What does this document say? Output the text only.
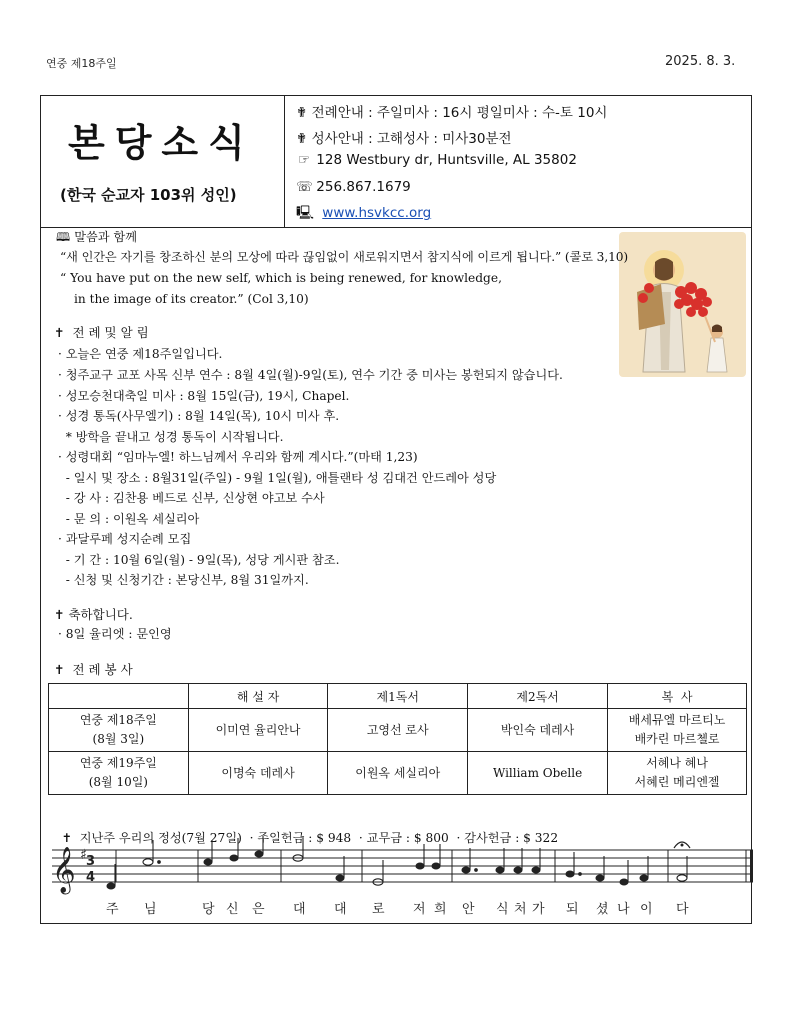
연중 제18주일	2025. 8. 3.
본당소식
(한국 순교자 103위 성인)
✟ 전례안내 : 주일미사 : 16시 평일미사 : 수-토 10시
✟ 성사안내 : 고해성사 : 미사30분전
☞ 128 Westbury dr, Huntsville, AL 35802
☏ 256.867.1679
🖳 www.hsvkcc.org
🕮 말씀과 함께
“새 인간은 자기를 창조하신 분의 모상에 따라 끊임없이 새로워지면서 참지식에 이르게 됩니다.” (콜로 3,10)
“ You have put on the new self, which is being renewed, for knowledge,
in the image of its creator.” (Col 3,10)
✝ 전 례 및 알 림
· 오늘은 연중 제18주일입니다.
· 청주교구 교포 사목 신부 연수 : 8월 4일(월)-9일(토), 연수 기간 중 미사는 봉헌되지 않습니다.
· 성모승천대축일 미사 : 8월 15일(금), 19시, Chapel.
· 성경 통독(사무엘기) : 8월 14일(목), 10시 미사 후.
* 방학을 끝내고 성경 통독이 시작됩니다.
· 성령대회 “임마누엘! 하느님께서 우리와 함께 계시다.”(마태 1,23)
- 일시 및 장소 : 8월31일(주일) - 9월 1일(월), 애틀랜타 성 김대건 안드레아 성당
- 강 사 : 김찬용 베드로 신부, 신상현 야고보 수사
- 문 의 : 이원옥 세실리아
· 과달루페 성지순례 모집
- 기 간 : 10월 6일(월) - 9일(목), 성당 게시판 참조.
- 신청 및 신청기간 : 본당신부, 8월 31일까지.
✝ 축하합니다.
· 8일 율리엣 : 문인영
✝ 전 례 봉 사
	해 설 자	제1독서	제2독서	복  사
연중 제18주일
(8월 3일)	이미연 율리안나	고영선 로사	박인숙 데레사	배세뮤엘 마르티노
배카린 마르첼로
연중 제19주일
(8월 10일)	이명숙 데레사	이원옥 세실리아	William Obelle	서혜나 혜나
서혜린 메리엔젤

✝ 지난주 우리의 정성(7월 27일)  · 주일헌금 : $ 948  · 교무금 : $ 800  · 감사헌금 : $ 322

𝄞 ♯ 3
4
주 님	당 신 은 대 대 로 저 희 안 식 처 가 되 셨 나 이 다
